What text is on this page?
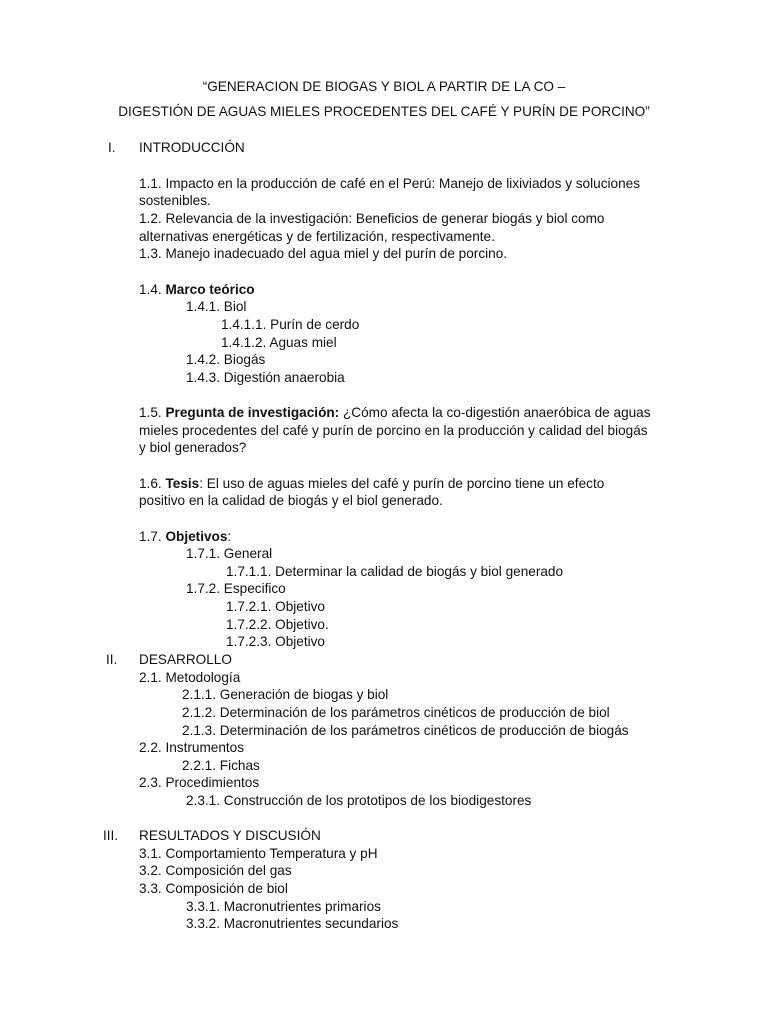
“GENERACION DE BIOGAS Y BIOL A PARTIR DE LA CO –
DIGESTIÓN DE AGUAS MIELES PROCEDENTES DEL CAFÉ Y PURÍN DE PORCINO”
I. INTRODUCCIÓN
1.1. Impacto en la producción de café en el Perú: Manejo de lixiviados y soluciones
sostenibles.
1.2. Relevancia de la investigación: Beneficios de generar biogás y biol como
alternativas energéticas y de fertilización, respectivamente.
1.3. Manejo inadecuado del agua miel y del purín de porcino.
1.4. Marco teórico
1.4.1. Biol
1.4.1.1. Purín de cerdo
1.4.1.2. Aguas miel
1.4.2. Biogás
1.4.3. Digestión anaerobia
1.5. Pregunta de investigación: ¿Cómo afecta la co-digestión anaeróbica de aguas
mieles procedentes del café y purín de porcino en la producción y calidad del biogás
y biol generados?
1.6. Tesis: El uso de aguas mieles del café y purín de porcino tiene un efecto
positivo en la calidad de biogás y el biol generado.
1.7. Objetivos:
1.7.1. General
1.7.1.1. Determinar la calidad de biogás y biol generado
1.7.2. Especifico
1.7.2.1. Objetivo
1.7.2.2. Objetivo.
1.7.2.3. Objetivo
II. DESARROLLO
2.1. Metodología
2.1.1. Generación de biogas y biol
2.1.2. Determinación de los parámetros cinéticos de producción de biol
2.1.3. Determinación de los parámetros cinéticos de producción de biogás
2.2. Instrumentos
2.2.1. Fichas
2.3. Procedimientos
2.3.1. Construcción de los prototipos de los biodigestores
III. RESULTADOS Y DISCUSIÓN
3.1. Comportamiento Temperatura y pH
3.2. Composición del gas
3.3. Composición de biol
3.3.1. Macronutrientes primarios
3.3.2. Macronutrientes secundarios
